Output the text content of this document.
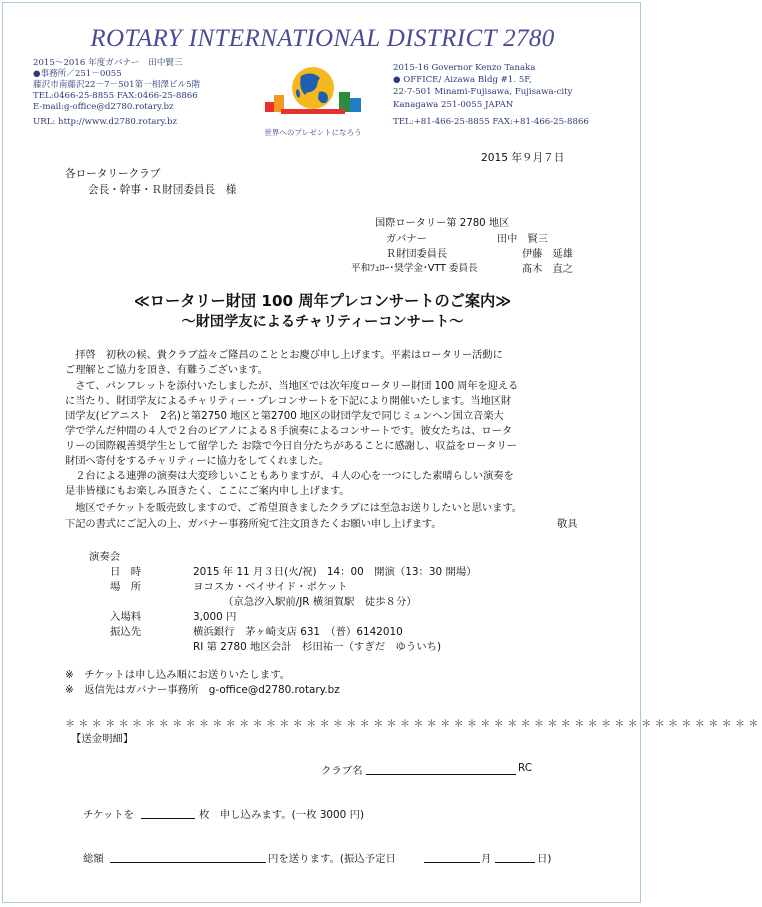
ROTARY INTERNATIONAL DISTRICT 2780
2015～2016 年度ガバナー　田中賢三
●事務所／251－0055
藤沢市南藤沢22－7－501第一相澤ビル5階
TEL:0466-25-8855 FAX:0466-25-8866
E-mail:g-office@d2780.rotary.bz
URL: http://www.d2780.rotary.bz
世界へのプレゼントになろう
2015-16 Governor Kenzo Tanaka
● OFFICE/ Aizawa Bldg #1. 5F,
22-7-501 Minami-Fujisawa, Fujisawa-city
Kanagawa 251-0055 JAPAN
TEL:+81-466-25-8855 FAX:+81-466-25-8866
2015 年９月７日
各ロータリークラブ
会長・幹事・Ｒ財団委員長　様
国際ロータリー第 2780 地区
ガバナー	田中　賢三
Ｒ財団委員長	伊藤　延雄
平和ﾌｪﾛｰ･奨学金･VTT 委員長	髙木　直之
≪ロータリー財団 100 周年プレコンサートのご案内≫
～財団学友によるチャリティーコンサート～
　拝啓　初秋の候、貴クラブ益々ご隆昌のこととお慶び申し上げます。平素はロータリー活動に
ご理解とご協力を頂き、有難うございます。
　さて、パンフレットを添付いたしましたが、当地区では次年度ロータリー財団 100 周年を迎える
に当たり、財団学友によるチャリティー・プレコンサートを下記により開催いたします。当地区財
団学友(ピアニスト　2名)と第2750 地区と第2700 地区の財団学友で同じミュンヘン国立音楽大
学で学んだ仲間の４人で２台のピアノによる８手演奏によるコンサートです。彼女たちは、ロータ
リーの国際親善奨学生として留学した お陰で今日自分たちがあることに感謝し、収益をロータリー
財団へ寄付をするチャリティーに協力をしてくれました。
　２台による連弾の演奏は大変珍しいこともありますが、４人の心を一つにした素晴らしい演奏を
是非皆様にもお楽しみ頂きたく、ここにご案内申し上げます。
　地区でチケットを販売致しますので、ご希望頂きましたクラブには至急お送りしたいと思います。
下記の書式にご記入の上、ガバナー事務所宛て注文頂きたくお願い申し上げます。	敬具
演奏会
日　時	2015 年 11 月３日(火/祝)　14：00　開演（13：30 開場）
場　所	ヨコスカ・ベイサイド・ポケット
（京急汐入駅前/JR 横須賀駅　徒歩８分）
入場料	3,000 円
振込先	横浜銀行　茅ヶ崎支店 631　（普）6142010
RI 第 2780 地区会計　杉田祐一（すぎだ　ゆういち)
※　チケットは申し込み順にお送りいたします。
※　返信先はガバナー事務所　g-office@d2780.rotary.bz
＊＊＊＊＊＊＊＊＊＊＊＊＊＊＊＊＊＊＊＊＊＊＊＊＊＊＊＊＊＊＊＊＊＊＊＊＊＊＊＊＊＊＊＊＊＊＊＊＊＊＊＊
【送金明細】
クラブ名	RC
チケットを	枚　申し込みます。(一枚 3000 円)
総額	円を送ります。(振込予定日	月	日)
